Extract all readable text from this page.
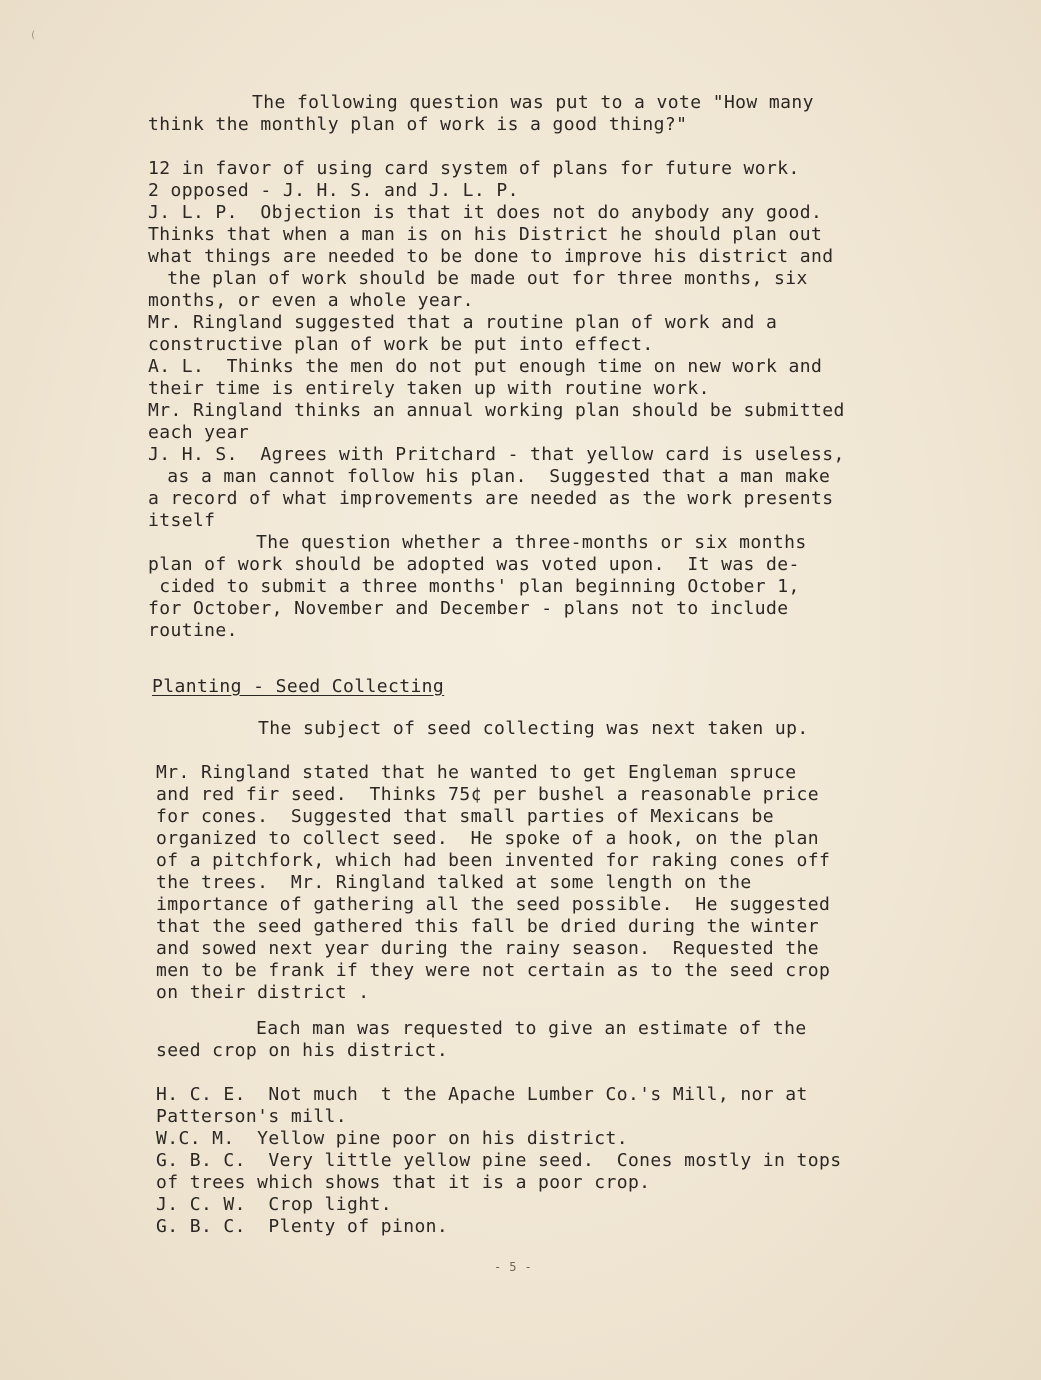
(
The following question was put to a vote "How many
think the monthly plan of work is a good thing?"
12 in favor of using card system of plans for future work.
2 opposed - J. H. S. and J. L. P.
J. L. P.  Objection is that it does not do anybody any good.
Thinks that when a man is on his District he should plan out
what things are needed to be done to improve his district and
the plan of work should be made out for three months, six
months, or even a whole year.
Mr. Ringland suggested that a routine plan of work and a
constructive plan of work be put into effect.
A. L.  Thinks the men do not put enough time on new work and
their time is entirely taken up with routine work.
Mr. Ringland thinks an annual working plan should be submitted
each year
J. H. S.  Agrees with Pritchard - that yellow card is useless,
as a man cannot follow his plan.  Suggested that a man make
a record of what improvements are needed as the work presents
itself
The question whether a three-months or six months
plan of work should be adopted was voted upon.  It was de-
cided to submit a three months' plan beginning October 1,
for October, November and December - plans not to include
routine.
Planting - Seed Collecting
The subject of seed collecting was next taken up.
Mr. Ringland stated that he wanted to get Engleman spruce
and red fir seed.  Thinks 75¢ per bushel a reasonable price
for cones.  Suggested that small parties of Mexicans be
organized to collect seed.  He spoke of a hook, on the plan
of a pitchfork, which had been invented for raking cones off
the trees.  Mr. Ringland talked at some length on the
importance of gathering all the seed possible.  He suggested
that the seed gathered this fall be dried during the winter
and sowed next year during the rainy season.  Requested the
men to be frank if they were not certain as to the seed crop
on their district .
Each man was requested to give an estimate of the
seed crop on his district.
H. C. E.  Not much  t the Apache Lumber Co.'s Mill, nor at
Patterson's mill.
W.C. M.  Yellow pine poor on his district.
G. B. C.  Very little yellow pine seed.  Cones mostly in tops
of trees which shows that it is a poor crop.
J. C. W.  Crop light.
G. B. C.  Plenty of pinon.
- 5 -
